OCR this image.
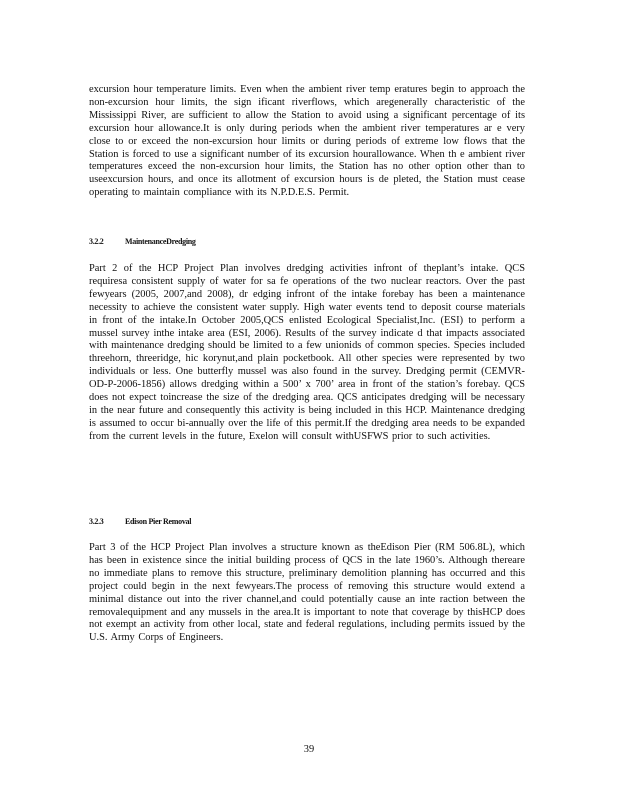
excursion hour temperature limits. Even when the ambient river temp eratures begin to approach the non-excursion hour limits, the sign ificant riverflows, which aregenerally characteristic of the Mississippi River, are sufficient to allow the Station to avoid using a significant percentage of its excursion hour allowance.It is only during periods when the ambient river temperatures ar e very close to or exceed the non-excursion hour limits or during periods of extreme low flows that the Station is forced to use a significant number of its excursion hourallowance. When th e ambient river temperatures exceed the non-excursion hour limits, the Station has no other option other than to useexcursion hours, and once its allotment of excursion hours is de pleted, the Station must cease operating to maintain compliance with its N.P.D.E.S. Permit.

3.2.2	MaintenanceDredging

Part 2 of the HCP Project Plan involves dredging activities infront of theplant’s intake. QCS requiresa consistent supply of water for sa fe operations of the two nuclear reactors. Over the past fewyears (2005, 2007,and 2008), dr edging infront of the intake forebay has been a maintenance necessity to achieve the consistent water supply. High water events tend to deposit course materials in front of the intake.In October 2005,QCS enlisted Ecological Specialist,Inc. (ESI) to perform a mussel survey inthe intake area (ESI, 2006). Results of the survey indicate d that impacts associated with maintenance dredging should be limited to a few unionids of common species. Species included threehorn, threeridge, hic korynut,and plain pocketbook. All other species were represented by two individuals or less. One butterfly mussel was also found in the survey. Dredging permit (CEMVR-OD-P-2006-1856) allows dredging within a 500’ x 700’ area in front of the station’s forebay. QCS does not expect toincrease the size of the dredging area. QCS anticipates dredging will be necessary in the near future and consequently this activity is being included in this HCP. Maintenance dredging is assumed to occur bi-annually over the life of this permit.If the dredging area needs to be expanded from the current levels in the future, Exelon will consult withUSFWS prior to such activities.

3.2.3	Edison Pier Removal

Part 3 of the HCP Project Plan involves a structure known as theEdison Pier (RM 506.8L), which has been in existence since the initial building process of QCS in the late 1960’s. Although thereare no immediate plans to remove this structure, preliminary demolition planning has occurred and this project could begin in the next fewyears.The process of removing this structure would extend a minimal distance out into the river channel,and could potentially cause an inte raction between the removalequipment and any mussels in the area.It is important to note that coverage by thisHCP does not exempt an activity from other local, state and federal regulations, including permits issued by the U.S. Army Corps of Engineers.

39
